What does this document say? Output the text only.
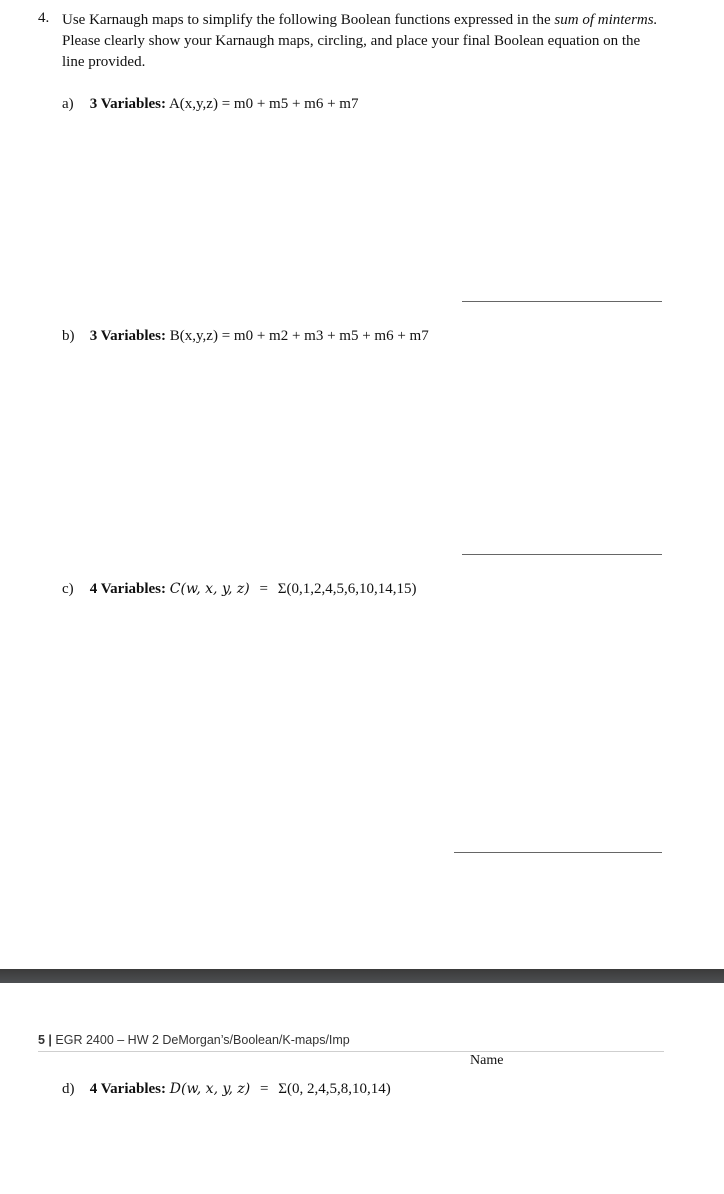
4. Use Karnaugh maps to simplify the following Boolean functions expressed in the sum of minterms. Please clearly show your Karnaugh maps, circling, and place your final Boolean equation on the line provided.
a) 3 Variables: A(x,y,z) = m0 + m5 + m6 + m7
b) 3 Variables: B(x,y,z) = m0 + m2 + m3 + m5 + m6 + m7
c) 4 Variables: C(w, x, y, z) = Σ(0,1,2,4,5,6,10,14,15)
5 | EGR 2400 – HW 2 DeMorgan’s/Boolean/K-maps/Imp
Name
d) 4 Variables: D(w, x, y, z) = Σ(0, 2,4,5,8,10,14)
